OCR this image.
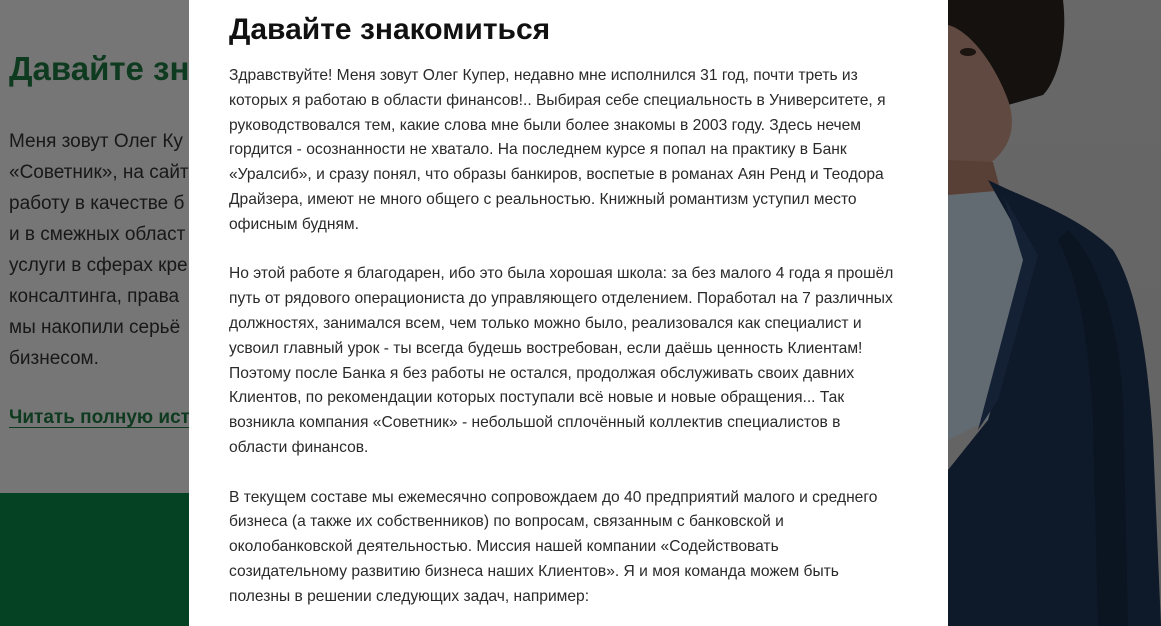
Давайте знакомиться

Здравствуйте! Меня зовут Олег Купер, недавно мне исполнился 31 год, почти треть из
которых я работаю в области финансов!.. Выбирая себе специальность в Университете, я
руководствовался тем, какие слова мне были более знакомы в 2003 году. Здесь нечем
гордится - осознанности не хватало. На последнем курсе я попал на практику в Банк
«Уралсиб», и сразу понял, что образы банкиров, воспетые в романах Аян Ренд и Теодора
Драйзера, имеют не много общего с реальностью. Книжный романтизм уступил место
офисным будням.

Но этой работе я благодарен, ибо это была хорошая школа: за без малого 4 года я прошёл
путь от рядового операциониста до управляющего отделением. Поработал на 7 различных
должностях, занимался всем, чем только можно было, реализовался как специалист и
усвоил главный урок - ты всегда будешь востребован, если даёшь ценность Клиентам!
Поэтому после Банка я без работы не остался, продолжая обслуживать своих давних
Клиентов, по рекомендации которых поступали всё новые и новые обращения... Так
возникла компания «Советник» - небольшой сплочённый коллектив специалистов в
области финансов.

В текущем составе мы ежемесячно сопровождаем до 40 предприятий малого и среднего
бизнеса (а также их собственников) по вопросам, связанным с банковской и
околобанковской деятельностью. Миссия нашей компании «Содействовать
созидательному развитию бизнеса наших Клиентов». Я и моя команда можем быть
полезны в решении следующих задач, например:
